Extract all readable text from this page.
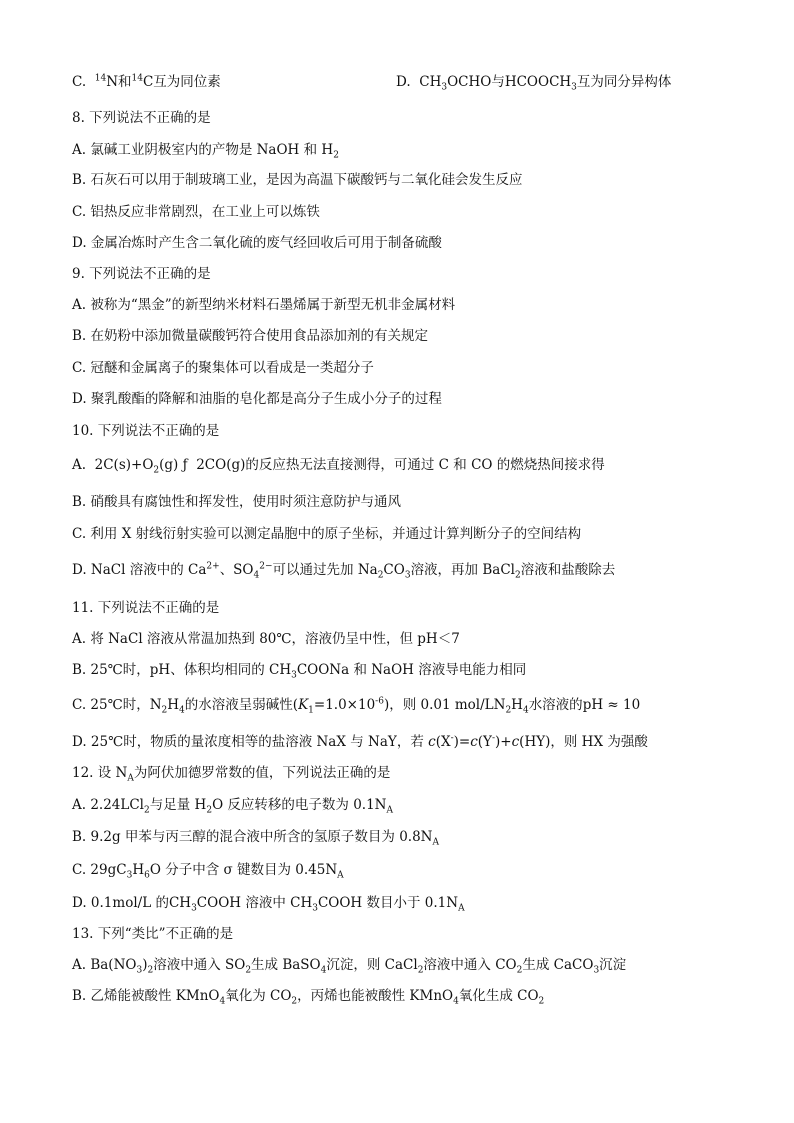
C. $^{14}$N和$^{14}$C互为同位素	D. $CH_3OCHO$与$HCOOCH_3$互为同分异构体
8. 下列说法不正确的是
A. 氯碱工业阴极室内的产物是 NaOH 和 $H_2$
B. 石灰石可以用于制玻璃工业，是因为高温下碳酸钙与二氧化硅会发生反应
C. 铝热反应非常剧烈，在工业上可以炼铁
D. 金属冶炼时产生含二氧化硫的废气经回收后可用于制备硫酸
9. 下列说法不正确的是
A. 被称为“黑金”的新型纳米材料石墨烯属于新型无机非金属材料
B. 在奶粉中添加微量碳酸钙符合使用食品添加剂的有关规定
C. 冠醚和金属离子的聚集体可以看成是一类超分子
D. 聚乳酸酯的降解和油脂的皂化都是高分子生成小分子的过程
10. 下列说法不正确的是
A. $2C(s)+O_2(g)$ ƒ 2CO(g)的反应热无法直接测得，可通过 C 和 CO 的燃烧热间接求得
B. 硝酸具有腐蚀性和挥发性，使用时须注意防护与通风
C. 利用 X 射线衍射实验可以测定晶胞中的原子坐标，并通过计算判断分子的空间结构
D. NaCl 溶液中的 $Ca^{2+}$、$SO_4^{2-}$可以通过先加 $Na_2CO_3$溶液，再加 BaCl$_2$溶液和盐酸除去
11. 下列说法不正确的是
A. 将 NaCl 溶液从常温加热到 80℃，溶液仍呈中性，但 pH＜7
B. 25℃时，pH、体积均相同的 $CH_3COONa$ 和 NaOH 溶液导电能力相同
C. 25℃时，$N_2H_4$的水溶液呈弱碱性$(K_1=1.0\times 10^{-6})$，则 0.01 mol/$LN_2H_4$水溶液的pH ≈ 10
D. 25℃时，物质的量浓度相等的盐溶液 NaX 与 NaY，若 c(X-)=c(Y-)+c(HY)，则 HX 为强酸
12. 设 $N_A$为阿伏加德罗常数的值，下列说法正确的是
A. 2.24LCl$_2$与足量 $H_2O$ 反应转移的电子数为 $0.1N_A$
B. 9.2g 甲苯与丙三醇的混合液中所含的氢原子数目为 $0.8N_A$
C. $29gC_3H_6O$ 分子中含 σ 键数目为 $0.45N_A$
D. 0.1mol/L 的$CH_3COOH$ 溶液中 $CH_3COOH$ 数目小于 $0.1N_A$
13. 下列“类比”不正确的是
A. $Ba(NO_3)_2$溶液中通入 $SO_2$生成 BaSO$_4$沉淀，则 CaCl$_2$溶液中通入 $CO_2$生成 CaCO$_3$沉淀
B. 乙烯能被酸性 KMnO$_4$氧化为 $CO_2$，丙烯也能被酸性 KMnO$_4$氧化生成 $CO_2$
